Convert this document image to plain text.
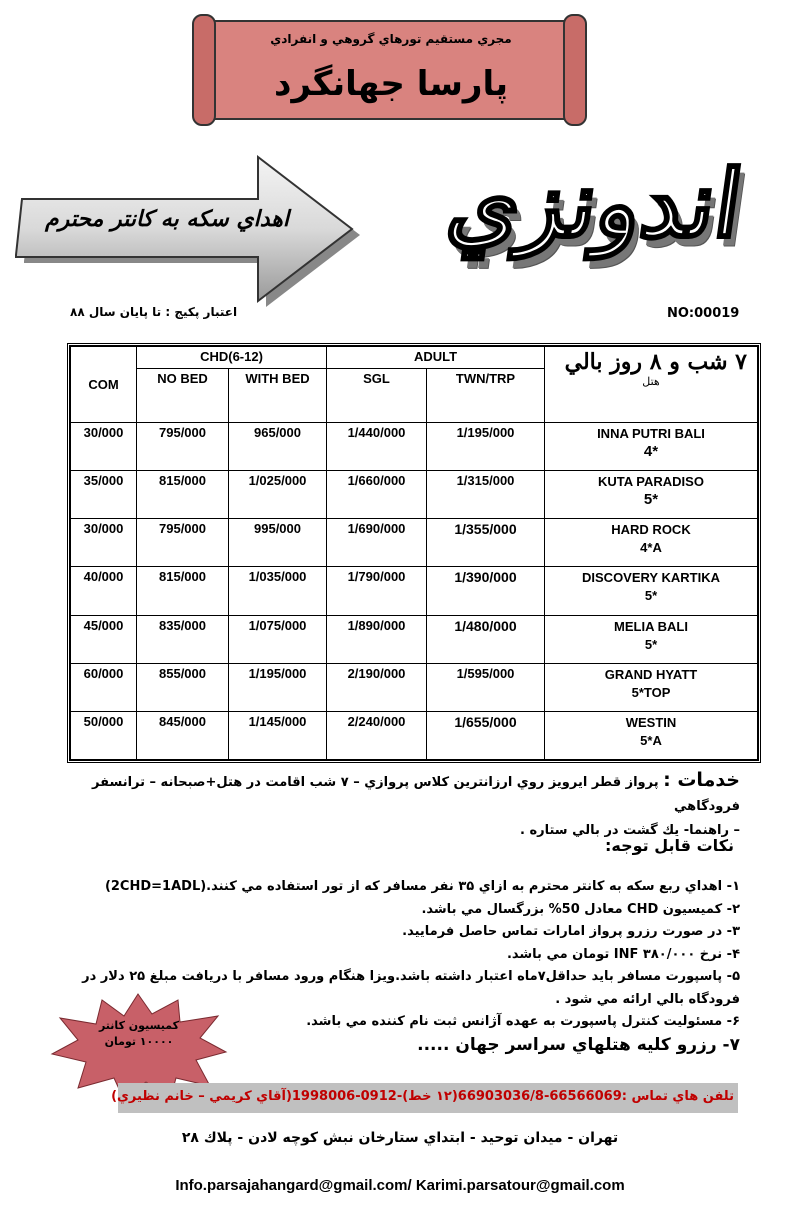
مجري مستقيم تورهاي گروهي و انفرادي
پارسا جهانگرد
اندونزي
اهداي سكه به كانتر محترم
اعتبار پكيج : تا پايان سال ۸۸	NO:00019
COM	CHD(6-12)		ADULT		۷ شب و ۸ روز بالي
هتل

	NO BED	WITH BED	SGL	TWN/TRP	
30/000	795/000	965/000	1/440/000	1/195/000	INNA PUTRI BALI
4*

35/000	815/000	1/025/000	1/660/000	1/315/000	KUTA PARADISO
5*

30/000	795/000	995/000	1/690/000	1/355/000	HARD ROCK
4*A

40/000	815/000	1/035/000	1/790/000	1/390/000	DISCOVERY KARTIKA
5*

45/000	835/000	1/075/000	1/890/000	1/480/000	MELIA BALI
5*

60/000	855/000	1/195/000	2/190/000	1/595/000	GRAND HYATT
5*TOP

50/000	845/000	1/145/000	2/240/000	1/655/000	WESTIN
5*A
خدمات : پرواز قطر ايرويز روي ارزانترين كلاس پروازي – ۷ شب اقامت در هتل+صبحانه – ترانسفر فرودگاهي
– راهنما- يك گشت در بالي ستاره .
نكات قابل توجه:
۱- اهداي ربع سكه به كانتر محترم به ازاي ۳۵ نفر مسافر كه از تور استفاده مي كنند.(2CHD=1ADL)
۲- كميسيون CHD معادل 50% بزرگسال مي باشد.
۳- در صورت رزرو پرواز امارات تماس حاصل فرماييد.
۴- نرخ INF ۳۸۰/۰۰۰ تومان مي باشد.
۵- پاسپورت مسافر بايد حداقل۷ماه اعتبار داشته باشد.ويزا هنگام ورود مسافر با دريافت مبلغ ۲۵ دلار در فرودگاه بالي ارائه مي شود .
۶- مسئوليت كنترل پاسپورت به عهده آژانس ثبت نام كننده مي باشد.
۷- رزرو كليه هتلهاي سراسر جهان .....
كميسيون كانتر
۱۰۰۰۰ تومان
تلفن هاي تماس :66566069-66903036/8(۱۲ خط)-0912-1998006(آقاي كريمي – خانم نظيري)
تهران - ميدان توحيد - ابتداي ستارخان نبش كوچه لادن - پلاك ۲۸
Info.parsajahangard@gmail.com/ Karimi.parsatour@gmail.com
